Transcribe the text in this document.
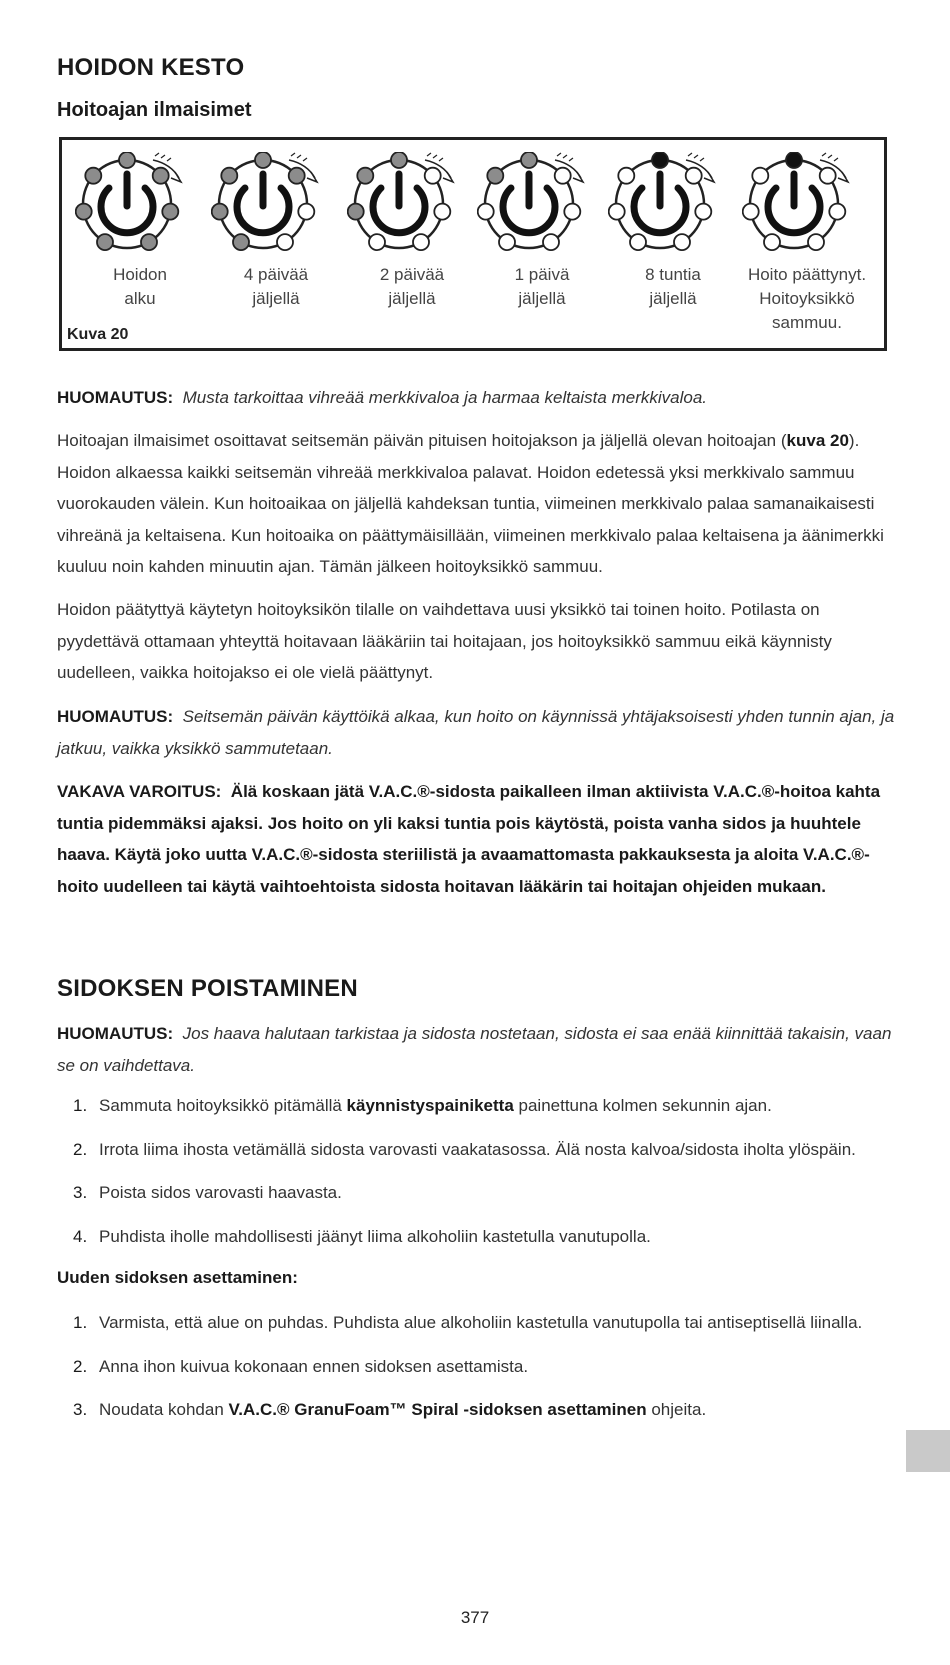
HOIDON KESTO
Hoitoajan ilmaisimet
Hoidon
alku
4 päivää
jäljellä
2 päivää
jäljellä
1 päivä
jäljellä
8 tuntia
jäljellä
Hoito päättynyt.
Hoitoyksikkö
sammuu.
Kuva 20

HUOMAUTUS: Musta tarkoittaa vihreää merkkivaloa ja harmaa keltaista merkkivaloa.

Hoitoajan ilmaisimet osoittavat seitsemän päivän pituisen hoitojakson ja jäljellä olevan hoitoajan (kuva 20). Hoidon alkaessa kaikki seitsemän vihreää merkkivaloa palavat. Hoidon edetessä yksi merkkivalo sammuu vuorokauden välein. Kun hoitoaikaa on jäljellä kahdeksan tuntia, viimeinen merkkivalo palaa samanaikaisesti vihreänä ja keltaisena. Kun hoitoaika on päättymäisillään, viimeinen merkkivalo palaa keltaisena ja äänimerkki kuuluu noin kahden minuutin ajan. Tämän jälkeen hoitoyksikkö sammuu.

Hoidon päätyttyä käytetyn hoitoyksikön tilalle on vaihdettava uusi yksikkö tai toinen hoito. Potilasta on pyydettävä ottamaan yhteyttä hoitavaan lääkäriin tai hoitajaan, jos hoitoyksikkö sammuu eikä käynnisty uudelleen, vaikka hoitojakso ei ole vielä päättynyt.

HUOMAUTUS: Seitsemän päivän käyttöikä alkaa, kun hoito on käynnissä yhtäjaksoisesti yhden tunnin ajan, ja jatkuu, vaikka yksikkö sammutetaan.

VAKAVA VAROITUS: Älä koskaan jätä V.A.C.®-sidosta paikalleen ilman aktiivista V.A.C.®-hoitoa kahta tuntia pidemmäksi ajaksi. Jos hoito on yli kaksi tuntia pois käytöstä, poista vanha sidos ja huuhtele haava. Käytä joko uutta V.A.C.®-sidosta steriilistä ja avaamattomasta pakkauksesta ja aloita V.A.C.®-hoito uudelleen tai käytä vaihtoehtoista sidosta hoitavan lääkärin tai hoitajan ohjeiden mukaan.

SIDOKSEN POISTAMINEN

HUOMAUTUS: Jos haava halutaan tarkistaa ja sidosta nostetaan, sidosta ei saa enää kiinnittää takaisin, vaan se on vaihdettava.

1. Sammuta hoitoyksikkö pitämällä käynnistyspainiketta painettuna kolmen sekunnin ajan.
2. Irrota liima ihosta vetämällä sidosta varovasti vaakatasossa. Älä nosta kalvoa/sidosta iholta ylöspäin.
3. Poista sidos varovasti haavasta.
4. Puhdista iholle mahdollisesti jäänyt liima alkoholiin kastetulla vanutupolla.
Uuden sidoksen asettaminen:
1. Varmista, että alue on puhdas. Puhdista alue alkoholiin kastetulla vanutupolla tai antiseptisellä liinalla.
2. Anna ihon kuivua kokonaan ennen sidoksen asettamista.
3. Noudata kohdan V.A.C.® GranuFoam™ Spiral -sidoksen asettaminen ohjeita.
377
